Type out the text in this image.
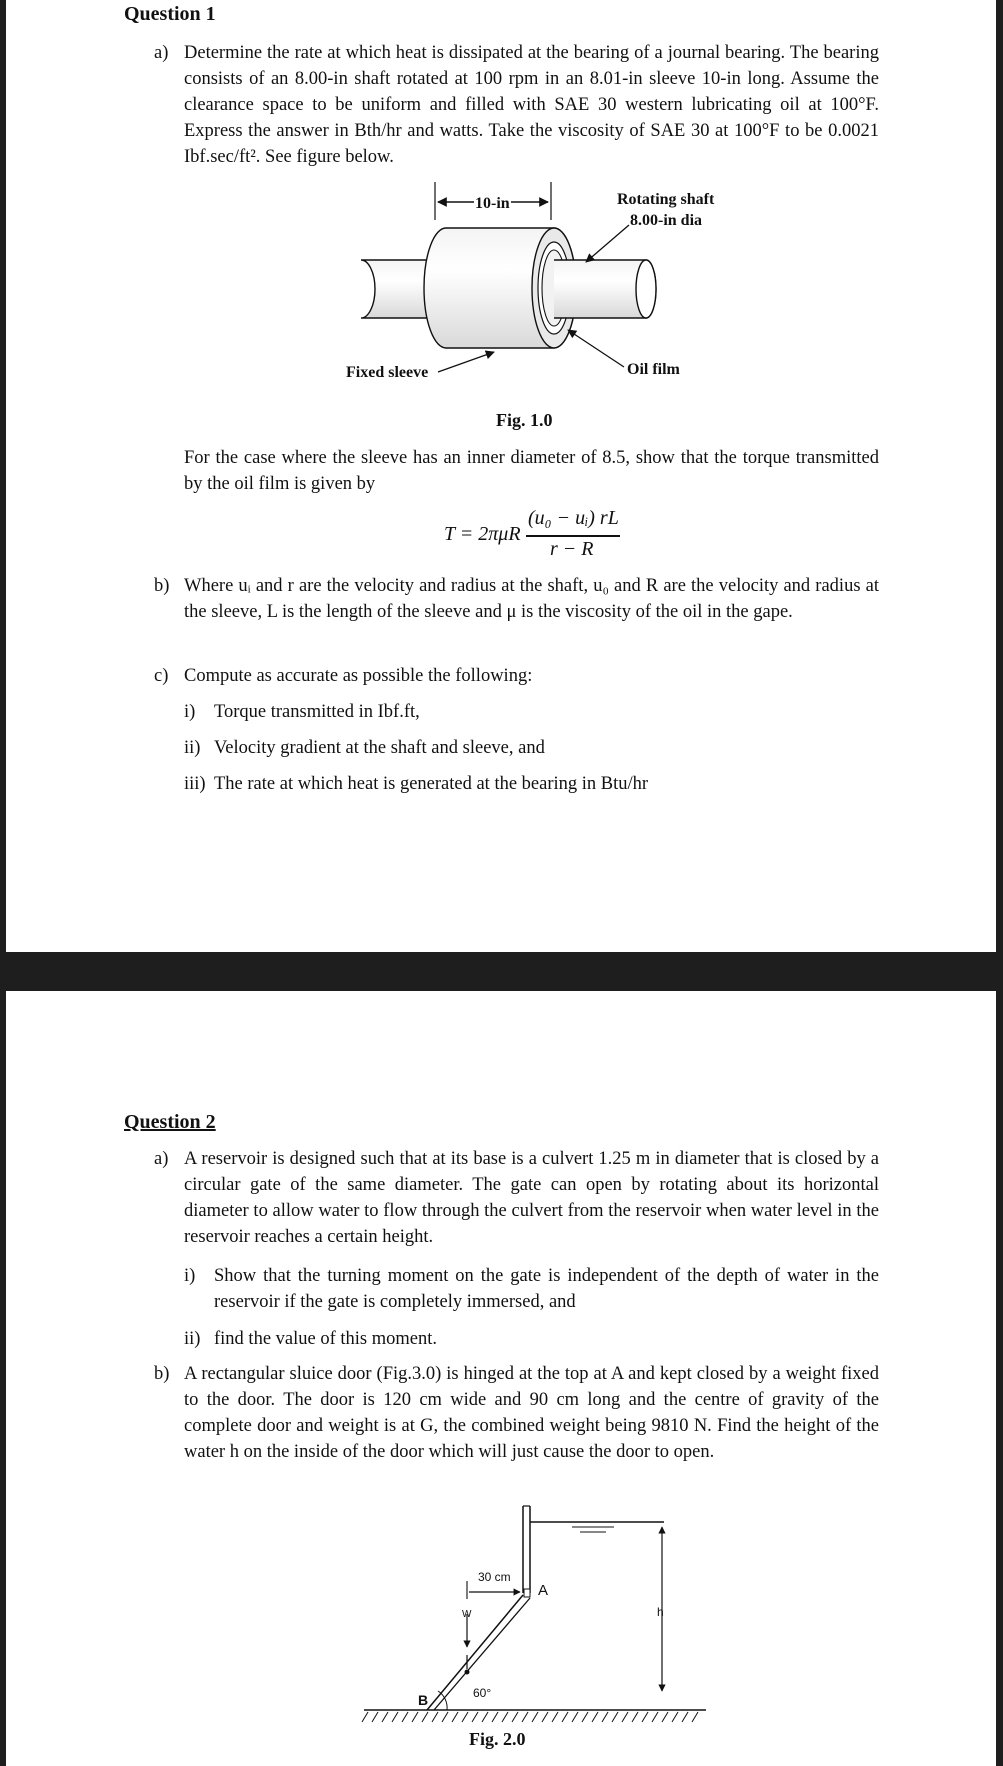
Question 1
a) Determine the rate at which heat is dissipated at the bearing of a journal bearing. The bearing consists of an 8.00-in shaft rotated at 100 rpm in an 8.01-in sleeve 10-in long. Assume the clearance space to be uniform and filled with SAE 30 western lubricating oil at 100°F. Express the answer in Bth/hr and watts. Take the viscosity of SAE 30 at 100°F to be 0.0021 Ibf.sec/ft². See figure below.
10-in	Rotating shaft
8.00-in dia
Fixed sleeve	Oil film
Fig. 1.0
For the case where the sleeve has an inner diameter of 8.5, show that the torque transmitted by the oil film is given by
T = 2πμR
(u₀ − uᵢ) rL
r − R
b) Where uᵢ and r are the velocity and radius at the shaft, u₀ and R are the velocity and radius at the sleeve, L is the length of the sleeve and μ is the viscosity of the oil in the gape.
c) Compute as accurate as possible the following:
i) Torque transmitted in Ibf.ft,
ii) Velocity gradient at the shaft and sleeve, and
iii) The rate at which heat is generated at the bearing in Btu/hr
Question 2
a) A reservoir is designed such that at its base is a culvert 1.25 m in diameter that is closed by a circular gate of the same diameter. The gate can open by rotating about its horizontal diameter to allow water to flow through the culvert from the reservoir when water level in the reservoir reaches a certain height.
i) Show that the turning moment on the gate is independent of the depth of water in the reservoir if the gate is completely immersed, and
ii) find the value of this moment.
b) A rectangular sluice door (Fig.3.0) is hinged at the top at A and kept closed by a weight fixed to the door. The door is 120 cm wide and 90 cm long and the centre of gravity of the complete door and weight is at G, the combined weight being 9810 N. Find the height of the water h on the inside of the door which will just cause the door to open.
30 cm
A
W	h
60°
B
Fig. 2.0
